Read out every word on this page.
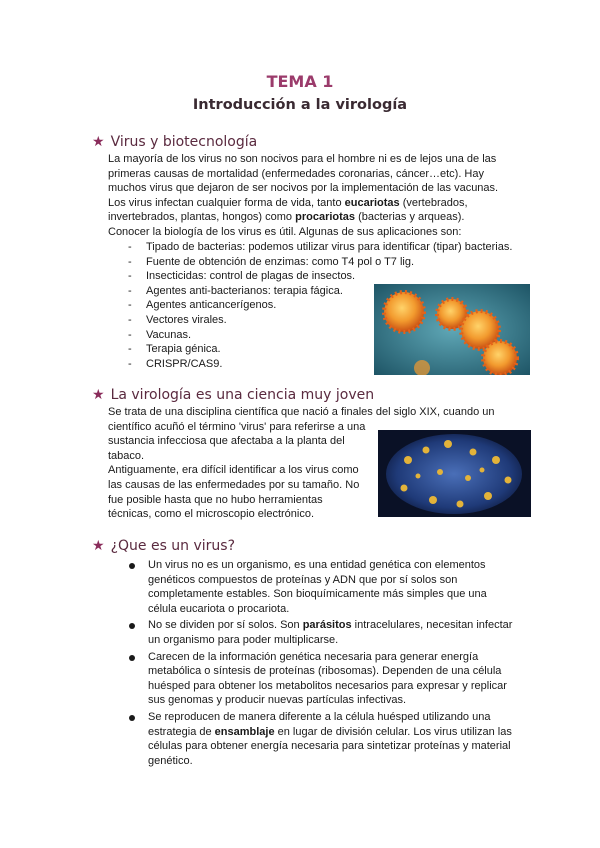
TEMA 1
Introducción a la virología
★ Virus y biotecnología

La mayoría de los virus no son nocivos para el hombre ni es de lejos una de las

primeras causas de mortalidad (enfermedades coronarias, cáncer…etc). Hay

muchos virus que dejaron de ser nocivos por la implementación de las vacunas.

Los virus infectan cualquier forma de vida, tanto eucariotas (vertebrados,

invertebrados, plantas, hongos) como procariotas (bacterias y arqueas).

Conocer la biología de los virus es útil. Algunas de sus aplicaciones son:

- Tipado de bacterias: podemos utilizar virus para identificar (tipar) bacterias.
- Fuente de obtención de enzimas: como T4 pol o T7 lig.
- Insecticidas: control de plagas de insectos.
- Agentes anti-bacterianos: terapia fágica.
- Agentes anticancerígenos.
- Vectores virales.
- Vacunas.
- Terapia génica.
- CRISPR/CAS9.
★ La virología es una ciencia muy joven

Se trata de una disciplina científica que nació a finales del siglo XIX, cuando un

científico acuñó el término 'virus' para referirse a una

sustancia infecciosa que afectaba a la planta del

tabaco.

Antiguamente, era difícil identificar a los virus como

las causas de las enfermedades por su tamaño. No

fue posible hasta que no hubo herramientas

técnicas, como el microscopio electrónico.

★ ¿Que es un virus?
Un virus no es un organismo, es una entidad genética con elementos genéticos compuestos de proteínas y ADN que por sí solos son completamente estables. Son bioquímicamente más simples que una célula eucariota o procariota.
No se dividen por sí solos. Son parásitos intracelulares, necesitan infectar un organismo para poder multiplicarse.
Carecen de la información genética necesaria para generar energía metabólica o síntesis de proteínas (ribosomas). Dependen de una célula huésped para obtener los metabolitos necesarios para expresar y replicar sus genomas y producir nuevas partículas infectivas.
Se reproducen de manera diferente a la célula huésped utilizando una estrategia de ensamblaje en lugar de división celular. Los virus utilizan las células para obtener energía necesaria para sintetizar proteínas y material genético.
